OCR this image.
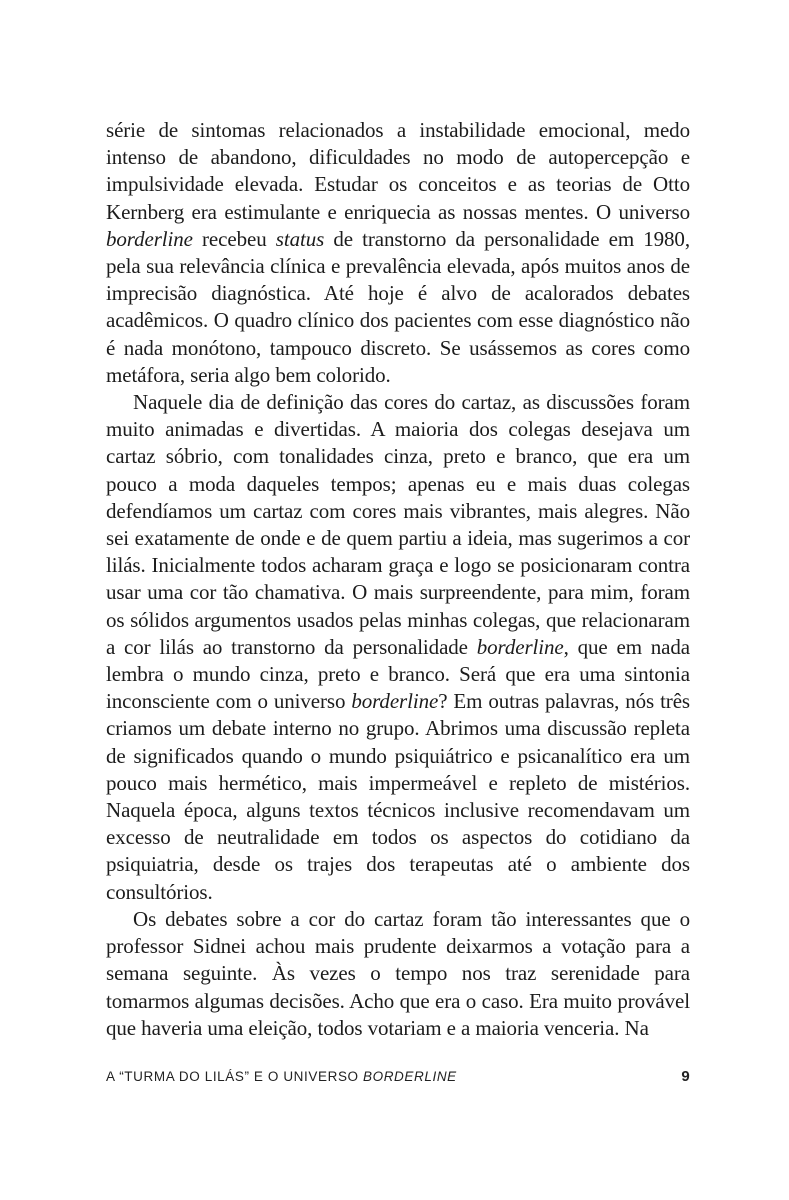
série de sintomas relacionados a instabilidade emocional, medo intenso de abandono, dificuldades no modo de autopercepção e impulsividade elevada. Estudar os conceitos e as teorias de Otto Kernberg era estimulante e enriquecia as nossas mentes. O universo borderline recebeu status de transtorno da personalidade em 1980, pela sua relevância clínica e prevalência elevada, após muitos anos de imprecisão diagnóstica. Até hoje é alvo de acalorados debates acadêmicos. O quadro clínico dos pacientes com esse diagnóstico não é nada monótono, tampouco discreto. Se usássemos as cores como metáfora, seria algo bem colorido.

Naquele dia de definição das cores do cartaz, as discussões foram muito animadas e divertidas. A maioria dos colegas desejava um cartaz sóbrio, com tonalidades cinza, preto e branco, que era um pouco a moda daqueles tempos; apenas eu e mais duas colegas defendíamos um cartaz com cores mais vibrantes, mais alegres. Não sei exatamente de onde e de quem partiu a ideia, mas sugerimos a cor lilás. Inicialmente todos acharam graça e logo se posicionaram contra usar uma cor tão chamativa. O mais surpreendente, para mim, foram os sólidos argumentos usados pelas minhas colegas, que relacionaram a cor lilás ao transtorno da personalidade borderline, que em nada lembra o mundo cinza, preto e branco. Será que era uma sintonia inconsciente com o universo borderline? Em outras palavras, nós três criamos um debate interno no grupo. Abrimos uma discussão repleta de significados quando o mundo psiquiátrico e psicanalítico era um pouco mais hermético, mais impermeável e repleto de mistérios. Naquela época, alguns textos técnicos inclusive recomendavam um excesso de neutralidade em todos os aspectos do cotidiano da psiquiatria, desde os trajes dos terapeutas até o ambiente dos consultórios.

Os debates sobre a cor do cartaz foram tão interessantes que o professor Sidnei achou mais prudente deixarmos a votação para a semana seguinte. Às vezes o tempo nos traz serenidade para tomarmos algumas decisões. Acho que era o caso. Era muito provável que haveria uma eleição, todos votariam e a maioria venceria. Na

A “TURMA DO LILÁS” E O UNIVERSO BORDERLINE	9
